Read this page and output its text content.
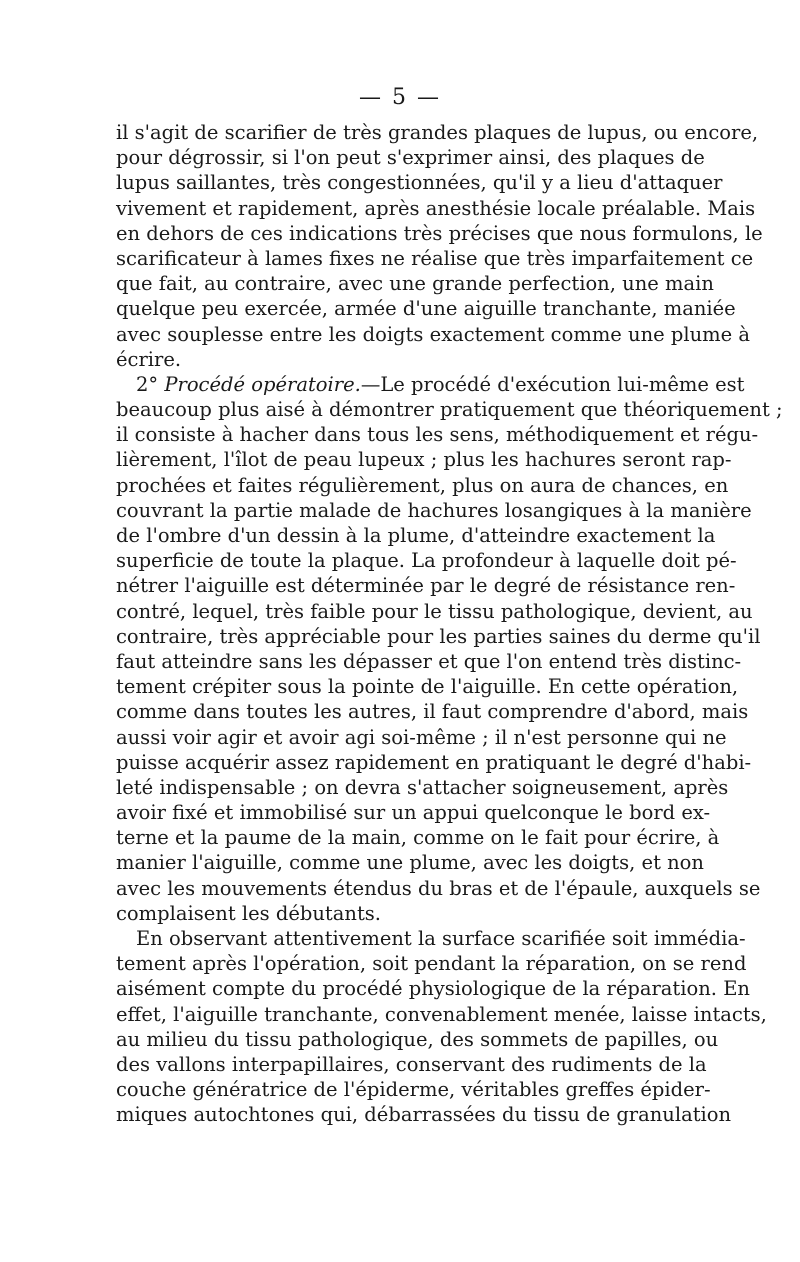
— 5 —
il s'agit de scarifier de très grandes plaques de lupus, ou encore,
pour dégrossir, si l'on peut s'exprimer ainsi, des plaques de
lupus saillantes, très congestionnées, qu'il y a lieu d'attaquer
vivement et rapidement, après anesthésie locale préalable. Mais
en dehors de ces indications très précises que nous formulons, le
scarificateur à lames fixes ne réalise que très imparfaitement ce
que fait, au contraire, avec une grande perfection, une main
quelque peu exercée, armée d'une aiguille tranchante, maniée
avec souplesse entre les doigts exactement comme une plume à
écrire.
2° Procédé opératoire.—Le procédé d'exécution lui-même est
beaucoup plus aisé à démontrer pratiquement que théoriquement ;
il consiste à hacher dans tous les sens, méthodiquement et régu-
lièrement, l'îlot de peau lupeux ; plus les hachures seront rap-
prochées et faites régulièrement, plus on aura de chances, en
couvrant la partie malade de hachures losangiques à la manière
de l'ombre d'un dessin à la plume, d'atteindre exactement la
superficie de toute la plaque. La profondeur à laquelle doit pé-
nétrer l'aiguille est déterminée par le degré de résistance ren-
contré, lequel, très faible pour le tissu pathologique, devient, au
contraire, très appréciable pour les parties saines du derme qu'il
faut atteindre sans les dépasser et que l'on entend très distinc-
tement crépiter sous la pointe de l'aiguille. En cette opération,
comme dans toutes les autres, il faut comprendre d'abord, mais
aussi voir agir et avoir agi soi-même ; il n'est personne qui ne
puisse acquérir assez rapidement en pratiquant le degré d'habi-
leté indispensable ; on devra s'attacher soigneusement, après
avoir fixé et immobilisé sur un appui quelconque le bord ex-
terne et la paume de la main, comme on le fait pour écrire, à
manier l'aiguille, comme une plume, avec les doigts, et non
avec les mouvements étendus du bras et de l'épaule, auxquels se
complaisent les débutants.
En observant attentivement la surface scarifiée soit immédia-
tement après l'opération, soit pendant la réparation, on se rend
aisément compte du procédé physiologique de la réparation. En
effet, l'aiguille tranchante, convenablement menée, laisse intacts,
au milieu du tissu pathologique, des sommets de papilles, ou
des vallons interpapillaires, conservant des rudiments de la
couche génératrice de l'épiderme, véritables greffes épider-
miques autochtones qui, débarrassées du tissu de granulation
